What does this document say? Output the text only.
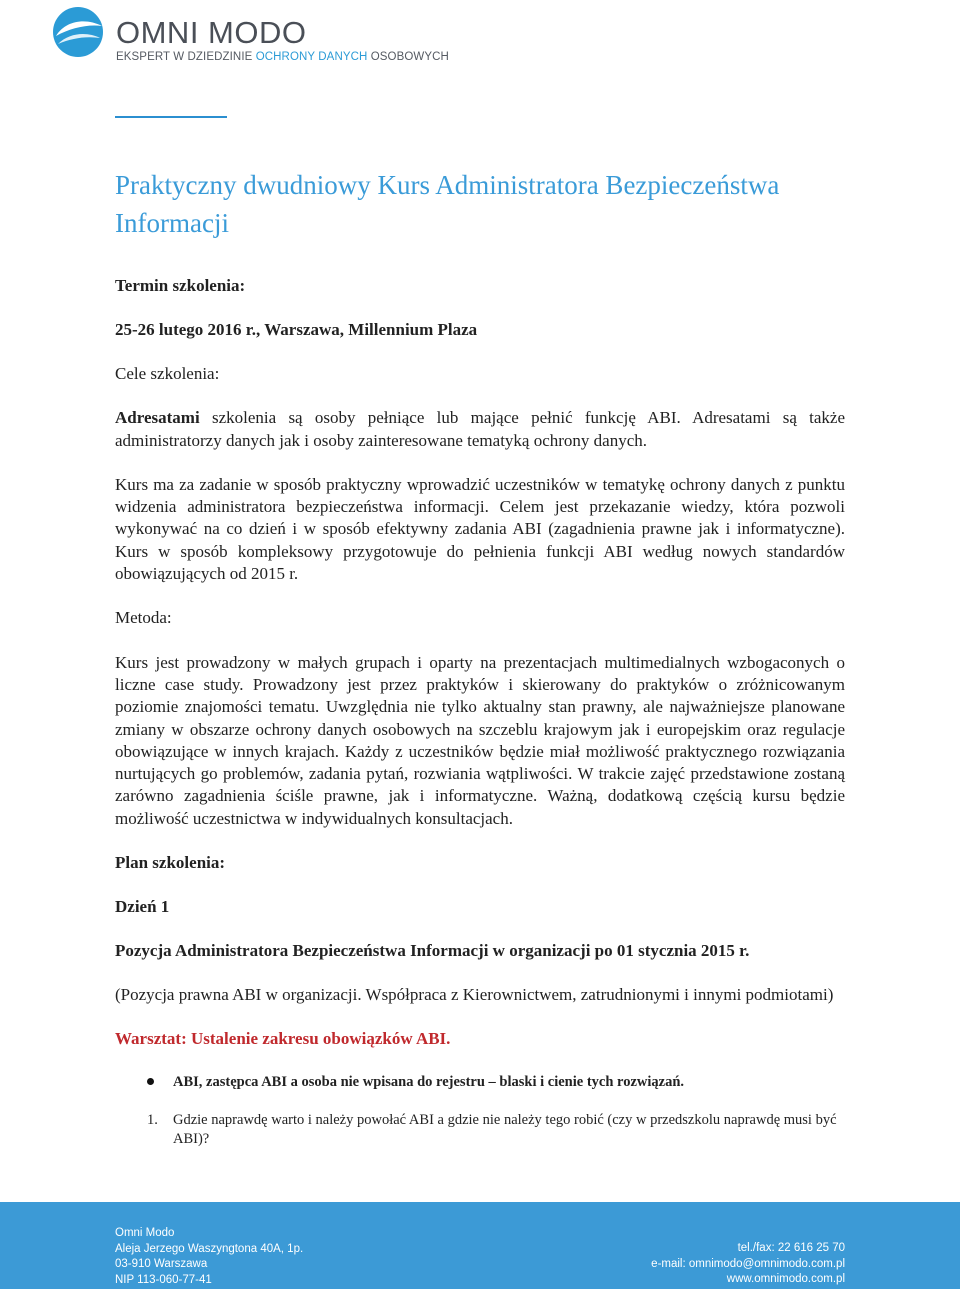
OMNI MODO
EKSPERT W DZIEDZINIE OCHRONY DANYCH OSOBOWYCH
Praktyczny dwudniowy Kurs Administratora Bezpieczeństwa Informacji

Termin szkolenia:

25-26 lutego 2016 r., Warszawa, Millennium Plaza

Cele szkolenia:

Adresatami szkolenia są osoby pełniące lub mające pełnić funkcję ABI. Adresatami są także administratorzy danych jak i osoby zainteresowane tematyką ochrony danych.

Kurs ma za zadanie w sposób praktyczny wprowadzić uczestników w tematykę ochrony danych z punktu widzenia administratora bezpieczeństwa informacji. Celem jest przekazanie wiedzy, która pozwoli wykonywać na co dzień i w sposób efektywny zadania ABI (zagadnienia prawne jak i informatyczne). Kurs w sposób kompleksowy przygotowuje do pełnienia funkcji ABI według nowych standardów obowiązujących od 2015 r.

Metoda:

Kurs jest prowadzony w małych grupach i oparty na prezentacjach multimedialnych wzbogaconych o liczne case study. Prowadzony jest przez praktyków i skierowany do praktyków o zróżnicowanym poziomie znajomości tematu. Uwzględnia nie tylko aktualny stan prawny, ale najważniejsze planowane zmiany w obszarze ochrony danych osobowych na szczeblu krajowym jak i europejskim oraz regulacje obowiązujące w innych krajach. Każdy z uczestników będzie miał możliwość praktycznego rozwiązania nurtujących go problemów, zadania pytań, rozwiania wątpliwości. W trakcie zajęć przedstawione zostaną zarówno zagadnienia ściśle prawne, jak i informatyczne. Ważną, dodatkową częścią kursu będzie możliwość uczestnictwa w indywidualnych konsultacjach.

Plan szkolenia:

Dzień 1

Pozycja Administratora Bezpieczeństwa Informacji w organizacji po 01 stycznia 2015 r.

(Pozycja prawna ABI w organizacji. Współpraca z Kierownictwem, zatrudnionymi i innymi podmiotami)

Warsztat: Ustalenie zakresu obowiązków ABI.

ABI, zastępca ABI a osoba nie wpisana do rejestru – blaski i cienie tych rozwiązań.
1. Gdzie naprawdę warto i należy powołać ABI a gdzie nie należy tego robić (czy w przedszkolu naprawdę musi być ABI)?
Omni Modo
Aleja Jerzego Waszyngtona 40A, 1p.
03-910 Warszawa
NIP 113-060-77-41
tel./fax: 22 616 25 70
e-mail: omnimodo@omnimodo.com.pl
www.omnimodo.com.pl
